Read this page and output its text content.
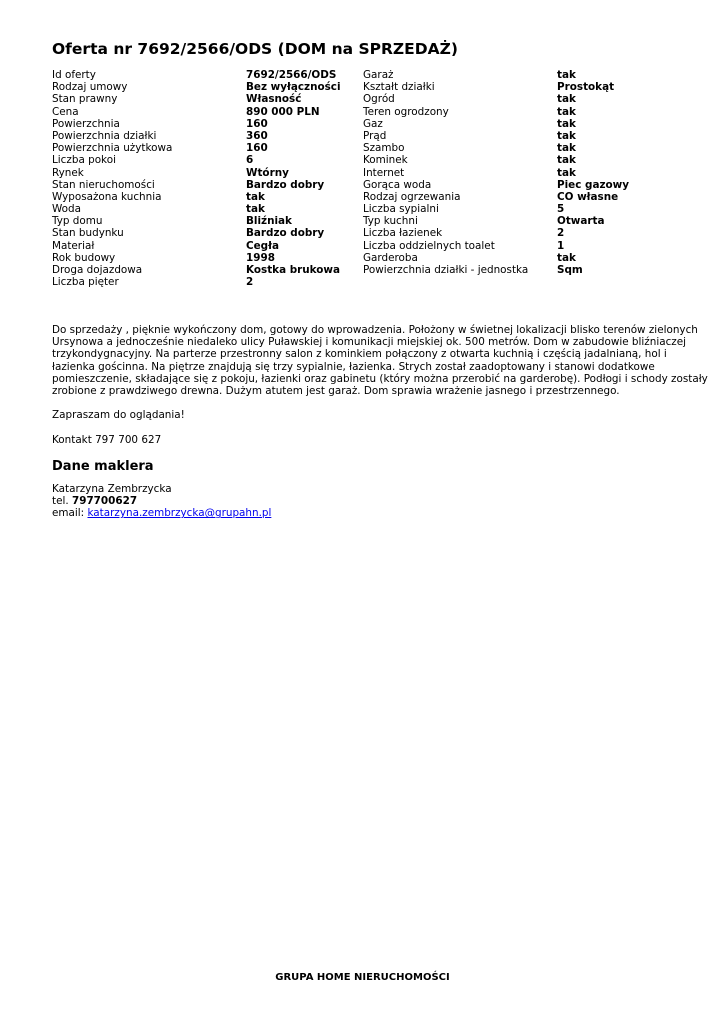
Oferta nr 7692/2566/ODS (DOM na SPRZEDAŻ)
Id oferty	7692/2566/ODS
Rodzaj umowy	Bez wyłączności
Stan prawny	Własność
Cena	890 000 PLN
Powierzchnia	160
Powierzchnia działki	360
Powierzchnia użytkowa	160
Liczba pokoi	6
Rynek	Wtórny
Stan nieruchomości	Bardzo dobry
Wyposażona kuchnia	tak
Woda	tak
Typ domu	Bliźniak
Stan budynku	Bardzo dobry
Materiał	Cegła
Rok budowy	1998
Droga dojazdowa	Kostka brukowa
Liczba pięter	2
Garaż	tak
Kształt działki	Prostokąt
Ogród	tak
Teren ogrodzony	tak
Gaz	tak
Prąd	tak
Szambo	tak
Kominek	tak
Internet	tak
Gorąca woda	Piec gazowy
Rodzaj ogrzewania	CO własne
Liczba sypialni	5
Typ kuchni	Otwarta
Liczba łazienek	2
Liczba oddzielnych toalet	1
Garderoba	tak
Powierzchnia działki - jednostka	Sqm
Do sprzedaży , pięknie wykończony dom, gotowy do wprowadzenia. Położony w świetnej lokalizacji blisko terenów zielonych
Ursynowa a jednocześnie niedaleko ulicy Puławskiej i komunikacji miejskiej ok. 500 metrów. Dom w zabudowie bliźniaczej
trzykondygnacyjny. Na parterze przestronny salon z kominkiem połączony z otwarta kuchnią i częścią jadalnianą, hol i
łazienka gościnna. Na piętrze znajdują się trzy sypialnie, łazienka. Strych został zaadoptowany i stanowi dodatkowe
pomieszczenie, składające się z pokoju, łazienki oraz gabinetu (który można przerobić na garderobę). Podłogi i schody zostały
zrobione z prawdziwego drewna. Dużym atutem jest garaż. Dom sprawia wrażenie jasnego i przestrzennego.

Zapraszam do oglądania!

Kontakt 797 700 627

Dane maklera
Katarzyna Zembrzycka
tel. 797700627
email: katarzyna.zembrzycka@grupahn.pl
GRUPA HOME NIERUCHOMOŚCI
